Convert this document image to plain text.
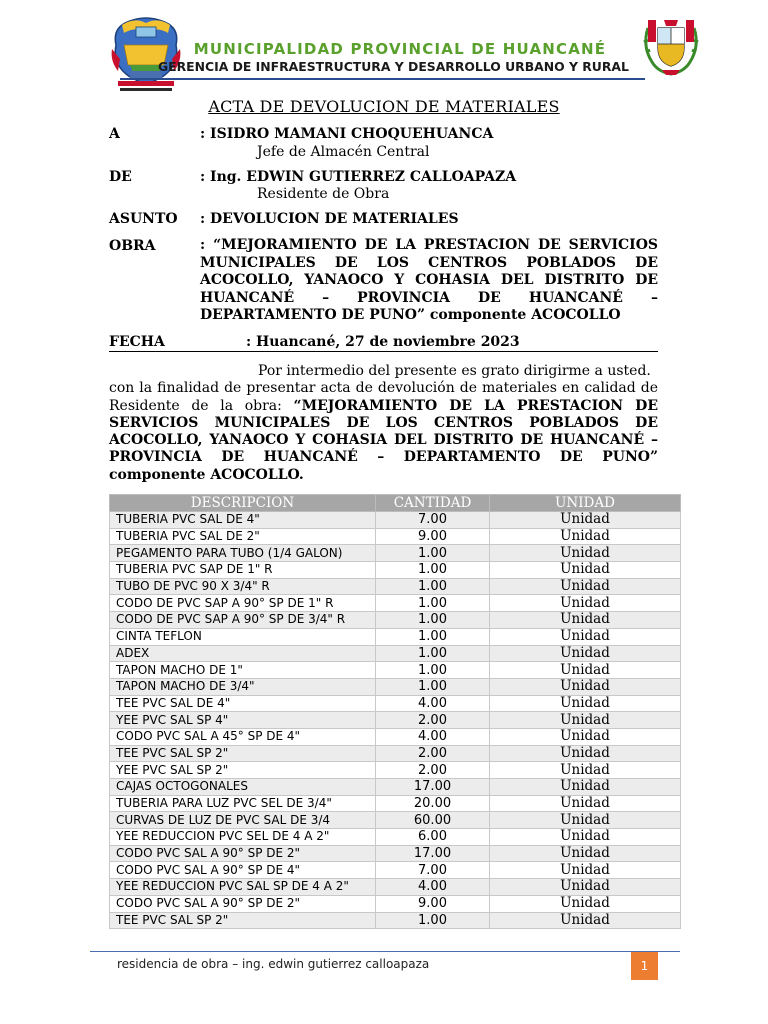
MUNICIPALIDAD PROVINCIAL DE HUANCANÉ
GERENCIA DE INFRAESTRUCTURA Y DESARROLLO URBANO Y RURAL
ACTA DE DEVOLUCION DE MATERIALES
A	: ISIDRO MAMANI CHOQUEHUANCA
Jefe de Almacén Central
DE	: Ing. EDWIN GUTIERREZ CALLOAPAZA
Residente de Obra
ASUNTO : DEVOLUCION DE MATERIALES
OBRA	: “MEJORAMIENTO DE LA PRESTACION DE SERVICIOS MUNICIPALES DE LOS CENTROS POBLADOS DE ACOCOLLO, YANAOCO Y COHASIA DEL DISTRITO DE HUANCANÉ – PROVINCIA DE HUANCANÉ – DEPARTAMENTO DE PUNO” componente ACOCOLLO
FECHA	: Huancané, 27 de noviembre 2023

Por intermedio del presente es grato dirigirme a usted.

con la finalidad de presentar acta de devolución de materiales en calidad de Residente de la obra: “MEJORAMIENTO DE LA PRESTACION DE SERVICIOS MUNICIPALES DE LOS CENTROS POBLADOS DE ACOCOLLO, YANAOCO Y COHASIA DEL DISTRITO DE HUANCANÉ – PROVINCIA DE HUANCANÉ – DEPARTAMENTO DE PUNO” componente ACOCOLLO.

DESCRIPCION	CANTIDAD	UNIDAD
TUBERIA PVC SAL DE 4"	7.00	Unidad
TUBERIA PVC SAL DE 2"	9.00	Unidad
PEGAMENTO PARA TUBO (1/4 GALON)	1.00	Unidad
TUBERIA PVC SAP DE 1" R	1.00	Unidad
TUBO DE PVC 90 X 3/4" R	1.00	Unidad
CODO DE PVC SAP A 90° SP DE 1" R	1.00	Unidad
CODO DE PVC SAP A 90° SP DE 3/4" R	1.00	Unidad
CINTA TEFLON	1.00	Unidad
ADEX	1.00	Unidad
TAPON MACHO DE 1"	1.00	Unidad
TAPON MACHO DE 3/4"	1.00	Unidad
TEE PVC SAL DE 4"	4.00	Unidad
YEE PVC SAL SP 4"	2.00	Unidad
CODO PVC SAL A 45° SP DE 4"	4.00	Unidad
TEE PVC SAL SP 2"	2.00	Unidad
YEE PVC SAL SP 2"	2.00	Unidad
CAJAS OCTOGONALES	17.00	Unidad
TUBERIA PARA LUZ PVC SEL DE 3/4"	20.00	Unidad
CURVAS DE LUZ DE PVC SAL DE 3/4	60.00	Unidad
YEE REDUCCION PVC SEL DE 4 A 2"	6.00	Unidad
CODO PVC SAL A 90° SP DE 2"	17.00	Unidad
CODO PVC SAL A 90° SP DE 4"	7.00	Unidad
YEE REDUCCION PVC SAL SP DE 4 A 2"	4.00	Unidad
CODO PVC SAL A 90° SP DE 2"	9.00	Unidad
TEE PVC SAL SP 2"	1.00	Unidad
residencia de obra – ing. edwin gutierrez calloapaza	1
